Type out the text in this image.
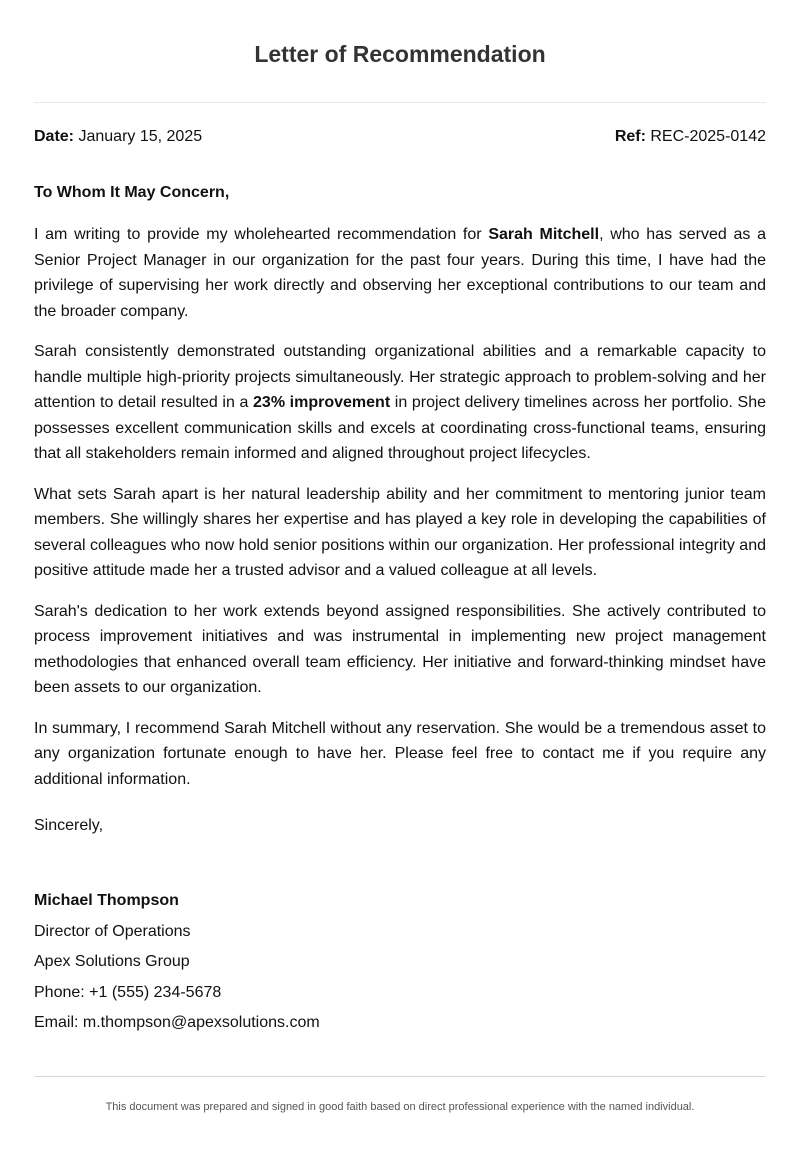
Letter of Recommendation
Date: January 15, 2025	Ref: REC-2025-0142
To Whom It May Concern,

I am writing to provide my wholehearted recommendation for Sarah Mitchell, who has served as a Senior Project Manager in our organization for the past four years. During this time, I have had the privilege of supervising her work directly and observing her exceptional contributions to our team and the broader company.

Sarah consistently demonstrated outstanding organizational abilities and a remarkable capacity to handle multiple high-priority projects simultaneously. Her strategic approach to problem-solving and her attention to detail resulted in a 23% improvement in project delivery timelines across her portfolio. She possesses excellent communication skills and excels at coordinating cross-functional teams, ensuring that all stakeholders remain informed and aligned throughout project lifecycles.

What sets Sarah apart is her natural leadership ability and her commitment to mentoring junior team members. She willingly shares her expertise and has played a key role in developing the capabilities of several colleagues who now hold senior positions within our organization. Her professional integrity and positive attitude made her a trusted advisor and a valued colleague at all levels.

Sarah's dedication to her work extends beyond assigned responsibilities. She actively contributed to process improvement initiatives and was instrumental in implementing new project management methodologies that enhanced overall team efficiency. Her initiative and forward-thinking mindset have been assets to our organization.

In summary, I recommend Sarah Mitchell without any reservation. She would be a tremendous asset to any organization fortunate enough to have her. Please feel free to contact me if you require any additional information.

Sincerely,
Michael Thompson
Director of Operations
Apex Solutions Group
Phone: +1 (555) 234-5678
Email: m.thompson@apexsolutions.com
This document was prepared and signed in good faith based on direct professional experience with the named individual.
